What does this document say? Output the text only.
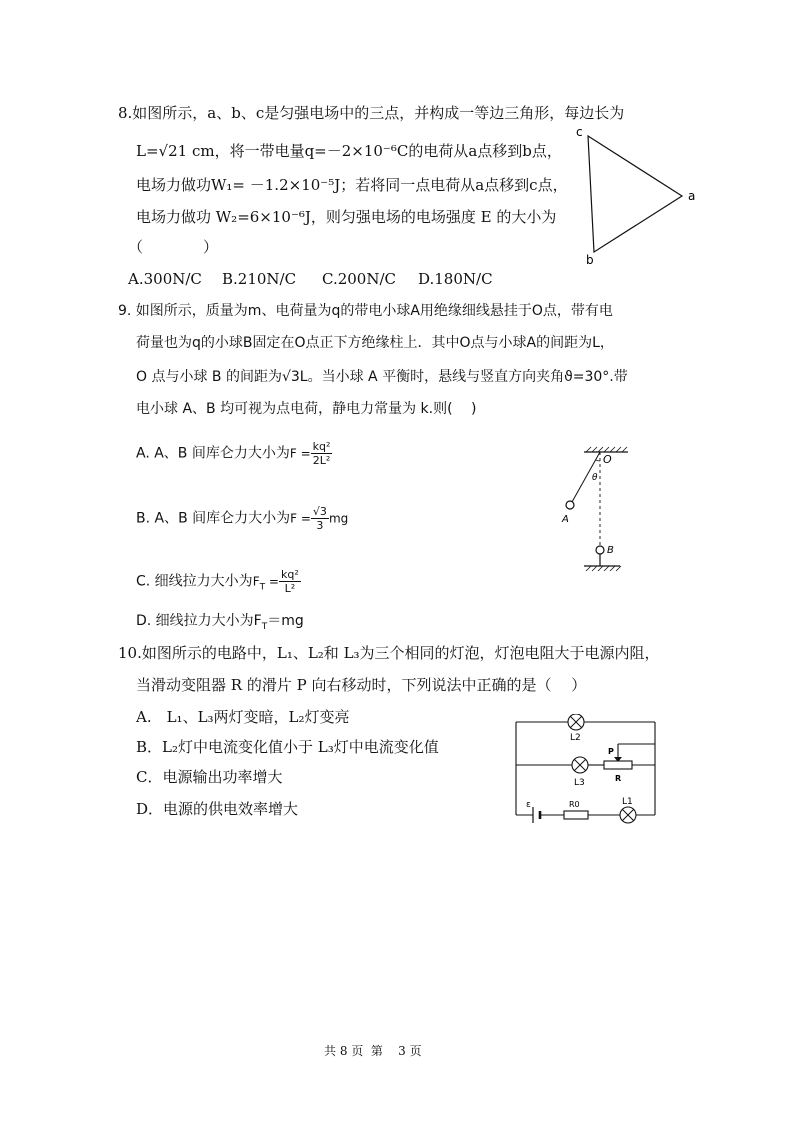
8.如图所示，a、b、c是匀强电场中的三点，并构成一等边三角形，每边长为
L=√21 cm，将一带电量q=－2×10⁻⁶C的电荷从a点移到b点，
电场力做功W₁= －1.2×10⁻⁵J；若将同一点电荷从a点移到c点，
电场力做功 W₂=6×10⁻⁶J，则匀强电场的电场强度 E 的大小为
（　　　　）
A.300N/C B.210N/C C.200N/C D.180N/C
c
a
b
9. 如图所示，质量为m、电荷量为q的带电小球A用绝缘细线悬挂于O点，带有电
荷量也为q的小球B固定在O点正下方绝缘柱上．其中O点与小球A的间距为L，
O 点与小球 B 的间距为√3L。当小球 A 平衡时，悬线与竖直方向夹角ϑ=30°.带
电小球 A、B 均可视为点电荷，静电力常量为 k.则(　 )
A. A、B 间库仑力大小为$F = \frac{\text{kq²}}{\text{2L²}}$
B. A、B 间库仑力大小为$F = \frac{√3}{3}$ mg
C. 细线拉力大小为$F_T = \frac{\text{kq²}}{\text{L²}}$
D. 细线拉力大小为$F_T=mg$
O
θ
A
B
10.如图所示的电路中，L₁、L₂和 L₃为三个相同的灯泡，灯泡电阻大于电源内阻，
当滑动变阻器 R 的滑片 P 向右移动时，下列说法中正确的是（　 ）
A.　L₁、L₃两灯变暗，L₂灯变亮
B．L₂灯中电流变化值小于 L₃灯中电流变化值
C．电源输出功率增大
D．电源的供电效率增大
L2
P
R
L3
ε	R0	L1
共 8 页  第    3 页
